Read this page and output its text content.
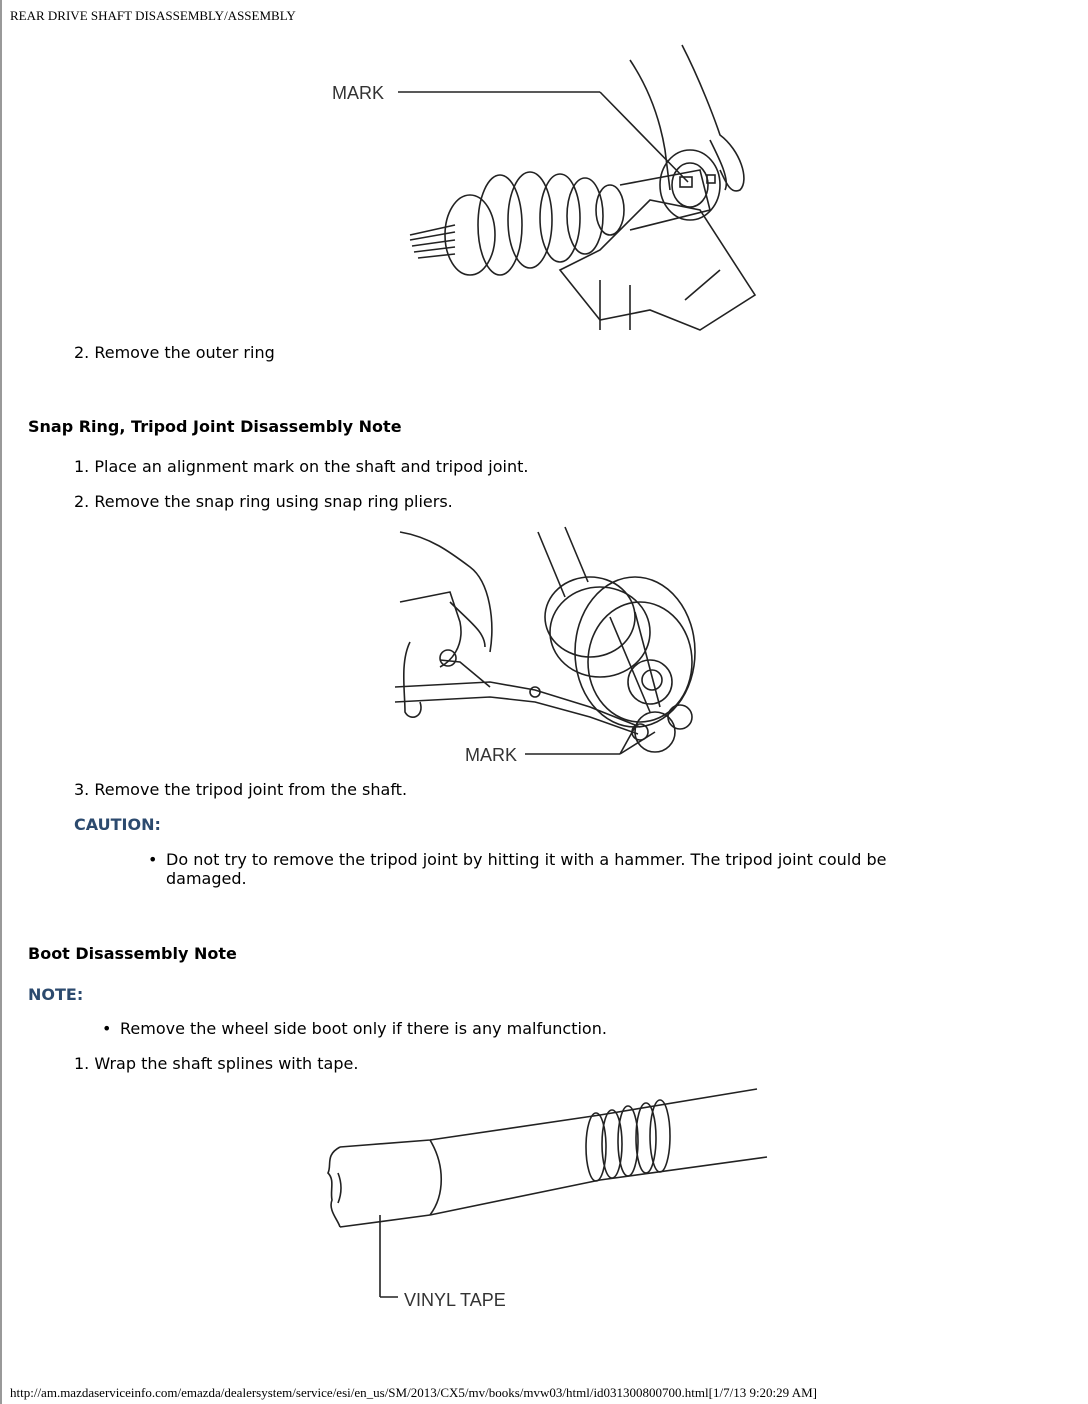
REAR DRIVE SHAFT DISASSEMBLY/ASSEMBLY
MARK
2. Remove the outer ring
Snap Ring, Tripod Joint Disassembly Note
1. Place an alignment mark on the shaft and tripod joint.
2. Remove the snap ring using snap ring pliers.
MARK
3. Remove the tripod joint from the shaft.
CAUTION:
• Do not try to remove the tripod joint by hitting it with a hammer. The tripod joint could be damaged.
Boot Disassembly Note
NOTE:
• Remove the wheel side boot only if there is any malfunction.
1. Wrap the shaft splines with tape.
VINYL TAPE
http://am.mazdaserviceinfo.com/emazda/dealersystem/service/esi/en_us/SM/2013/CX5/mv/books/mvw03/html/id031300800700.html[1/7/13 9:20:29 AM]
